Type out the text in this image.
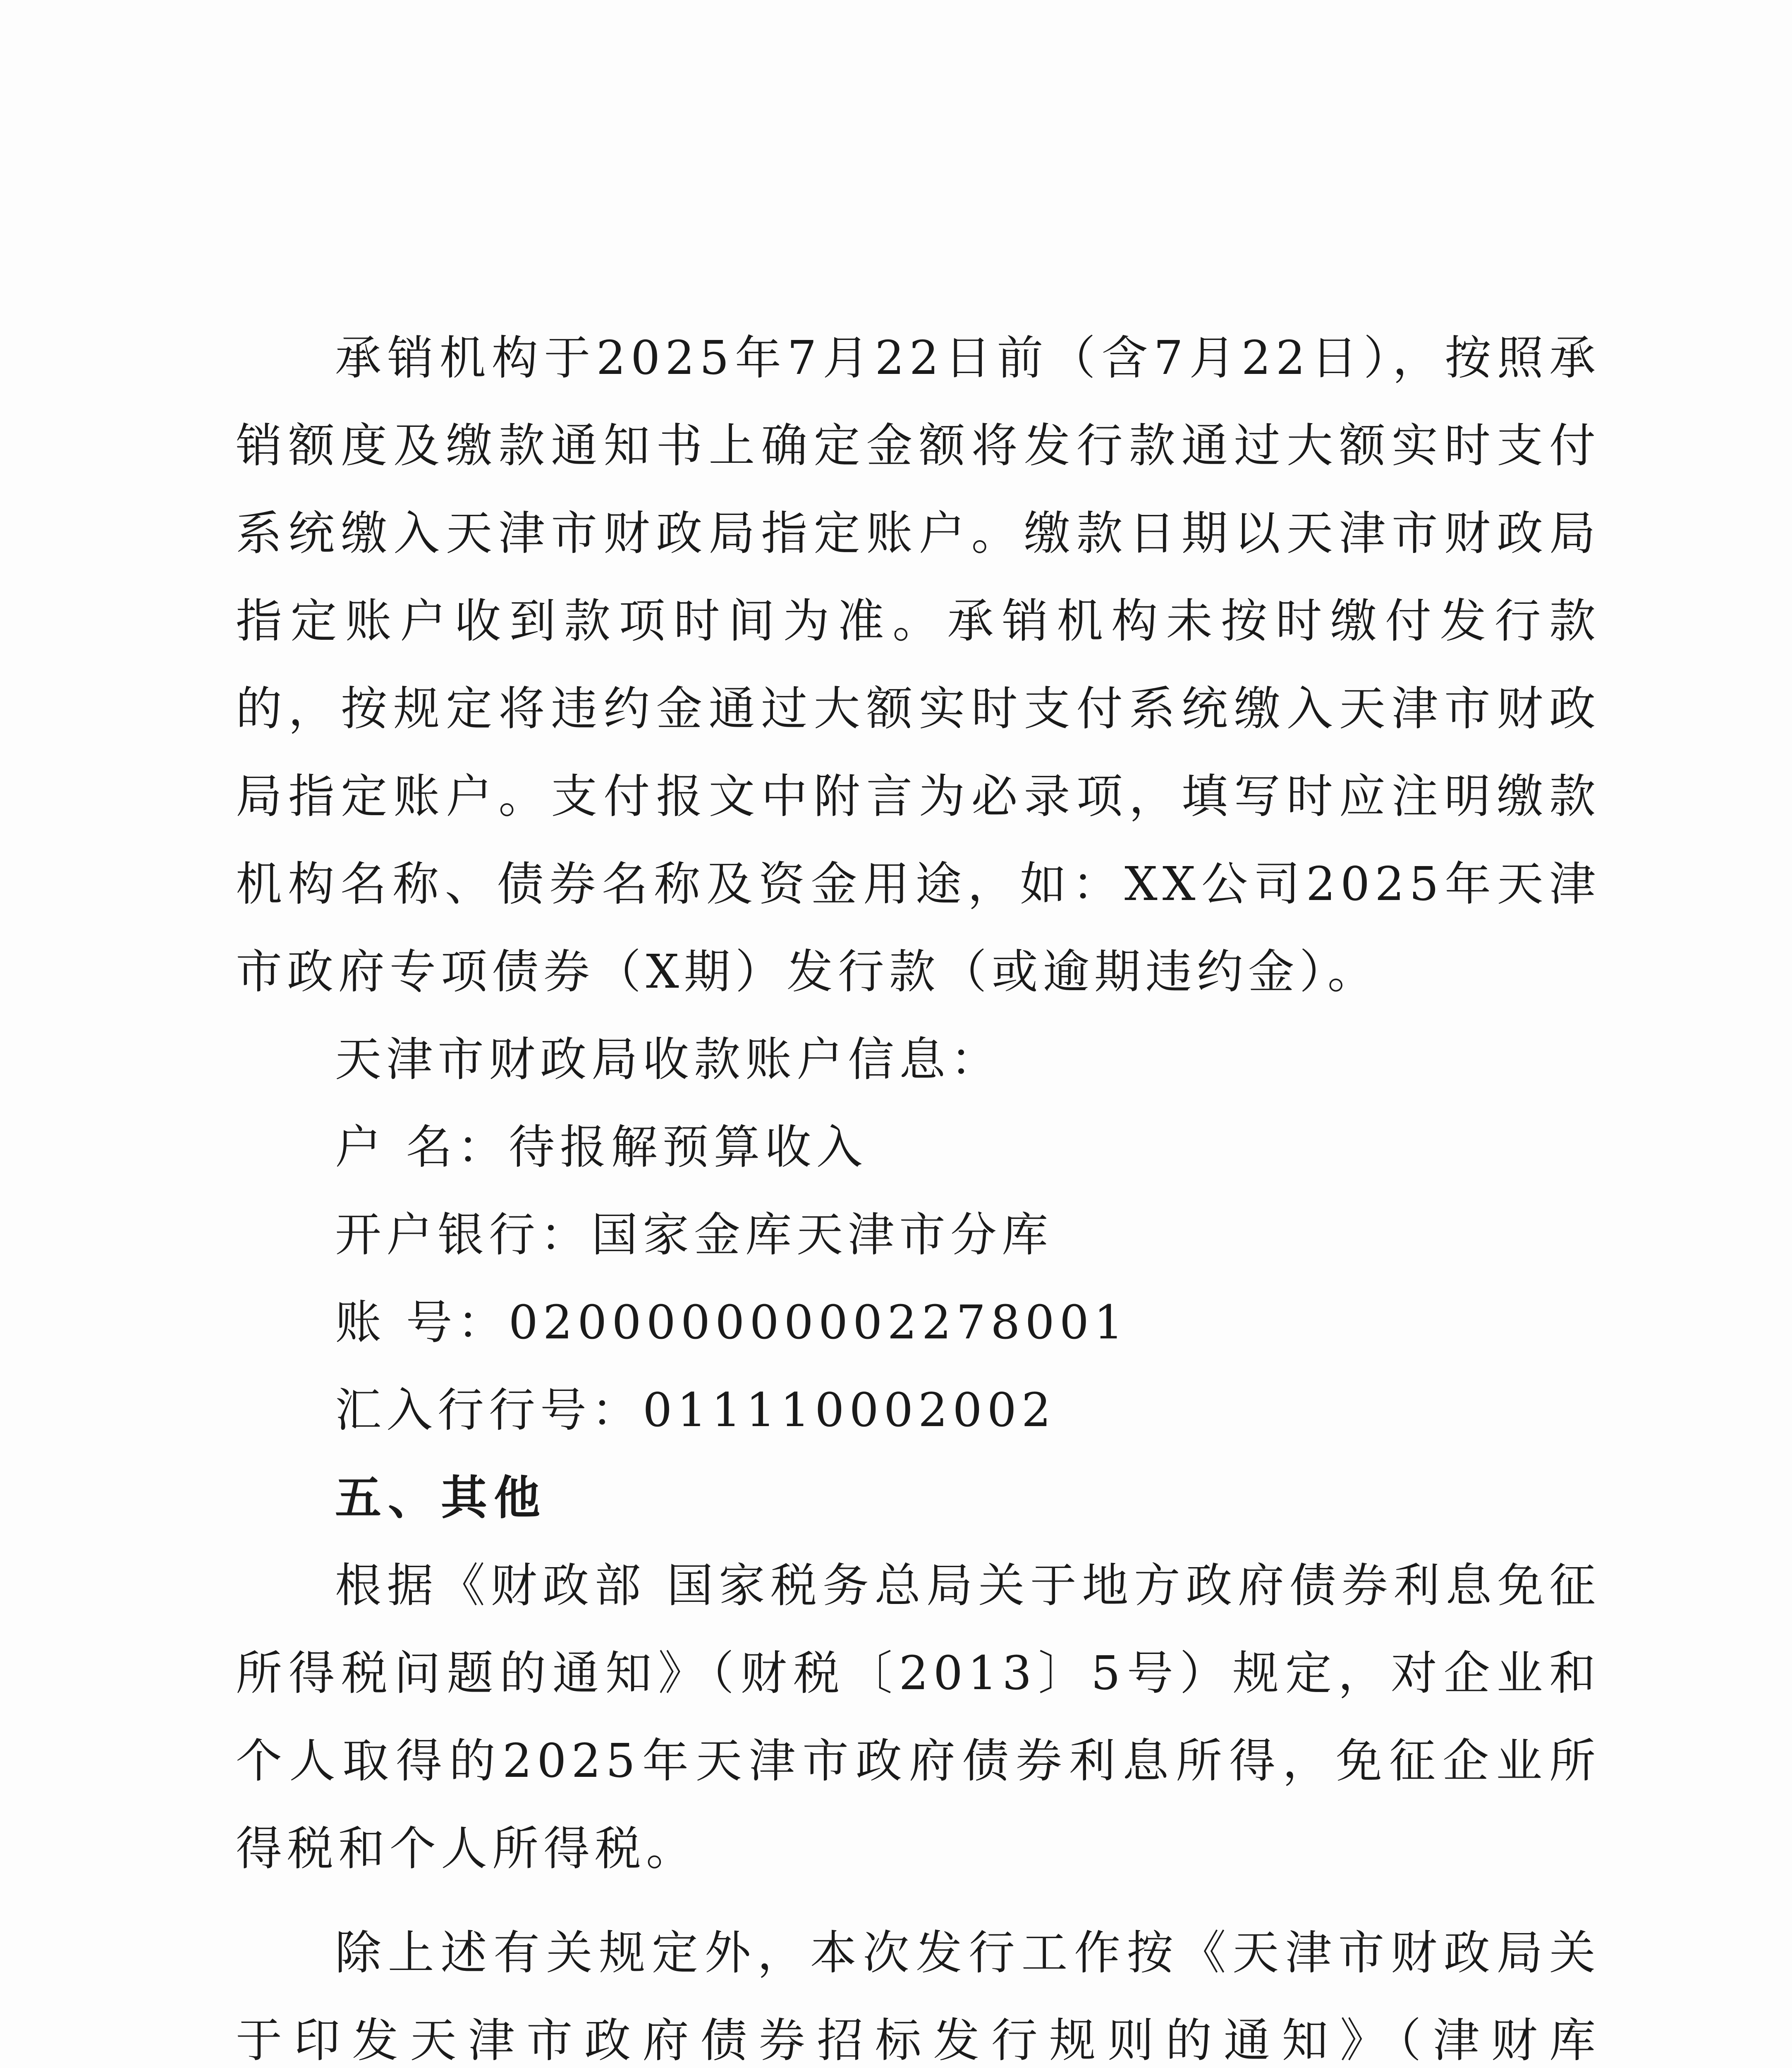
承销机构于2025年7月22日前（含7月22日），按照承销额度及缴款通知书上确定金额将发行款通过大额实时支付系统缴入天津市财政局指定账户。缴款日期以天津市财政局指定账户收到款项时间为准。承销机构未按时缴付发行款的，按规定将违约金通过大额实时支付系统缴入天津市财政局指定账户。支付报文中附言为必录项，填写时应注明缴款机构名称、债券名称及资金用途，如：XX公司2025年天津市政府专项债券（X期）发行款（或逾期违约金）。

天津市财政局收款账户信息：

户 名：待报解预算收入

开户银行：国家金库天津市分库

账 号：020000000002278001

汇入行行号：011110002002

五、其他

根据《财政部 国家税务总局关于地方政府债券利息免征所得税问题的通知》（财税〔2013〕5号）规定，对企业和个人取得的2025年天津市政府债券利息所得，免征企业所得税和个人所得税。

除上述有关规定外，本次发行工作按《天津市财政局关于印发天津市政府债券招标发行规则的通知》（津财库
